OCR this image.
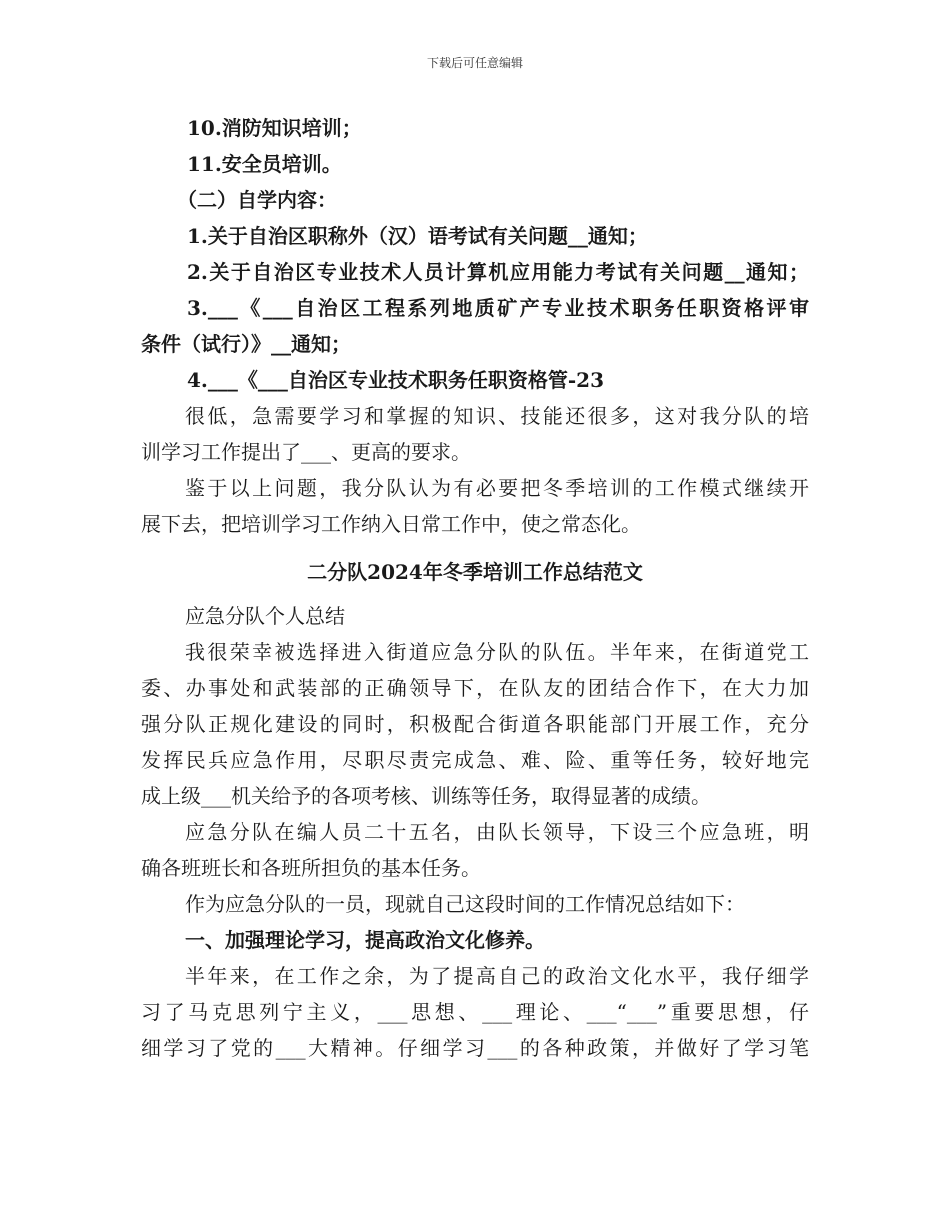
下载后可任意编辑
10.消防知识培训；
11.安全员培训。
（二）自学内容：
1.关于自治区职称外（汉）语考试有关问题__通知；
2.关于自治区专业技术人员计算机应用能力考试有关问题__通知；
3.___《___自治区工程系列地质矿产专业技术职务任职资格评审
条件（试行）》__通知；
4.___《___自治区专业技术职务任职资格管-23
很低，急需要学习和掌握的知识、技能还很多，这对我分队的培
训学习工作提出了___、更高的要求。
鉴于以上问题，我分队认为有必要把冬季培训的工作模式继续开
展下去，把培训学习工作纳入日常工作中，使之常态化。
二分队2024年冬季培训工作总结范文
应急分队个人总结
我很荣幸被选择进入街道应急分队的队伍。半年来，在街道党工
委、办事处和武装部的正确领导下，在队友的团结合作下，在大力加
强分队正规化建设的同时，积极配合街道各职能部门开展工作，充分
发挥民兵应急作用，尽职尽责完成急、难、险、重等任务，较好地完
成上级___机关给予的各项考核、训练等任务，取得显著的成绩。
应急分队在编人员二十五名，由队长领导，下设三个应急班，明
确各班班长和各班所担负的基本任务。
作为应急分队的一员，现就自己这段时间的工作情况总结如下：
一、加强理论学习，提高政治文化修养。
半年来，在工作之余，为了提高自己的政治文化水平，我仔细学
习了马克思列宁主义，___思想、___理论、___“___”重要思想，仔
细学习了党的___大精神。仔细学习___的各种政策，并做好了学习笔
